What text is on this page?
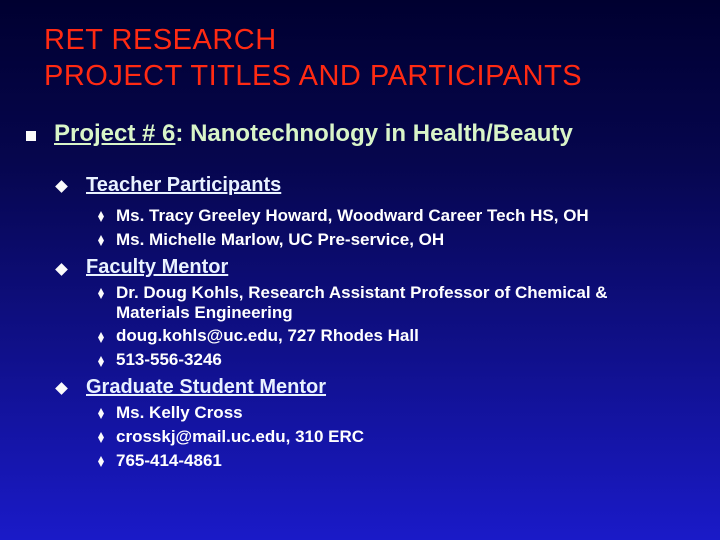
RET RESEARCH
PROJECT TITLES AND PARTICIPANTS
Project # 6: Nanotechnology in Health/Beauty
Teacher Participants
Ms. Tracy Greeley Howard, Woodward Career Tech HS, OH
Ms. Michelle Marlow, UC Pre-service, OH
Faculty Mentor
Dr. Doug Kohls, Research Assistant Professor of Chemical &
Materials Engineering
doug.kohls@uc.edu, 727 Rhodes Hall
513-556-3246
Graduate Student Mentor
Ms. Kelly Cross
crosskj@mail.uc.edu, 310 ERC
765-414-4861
